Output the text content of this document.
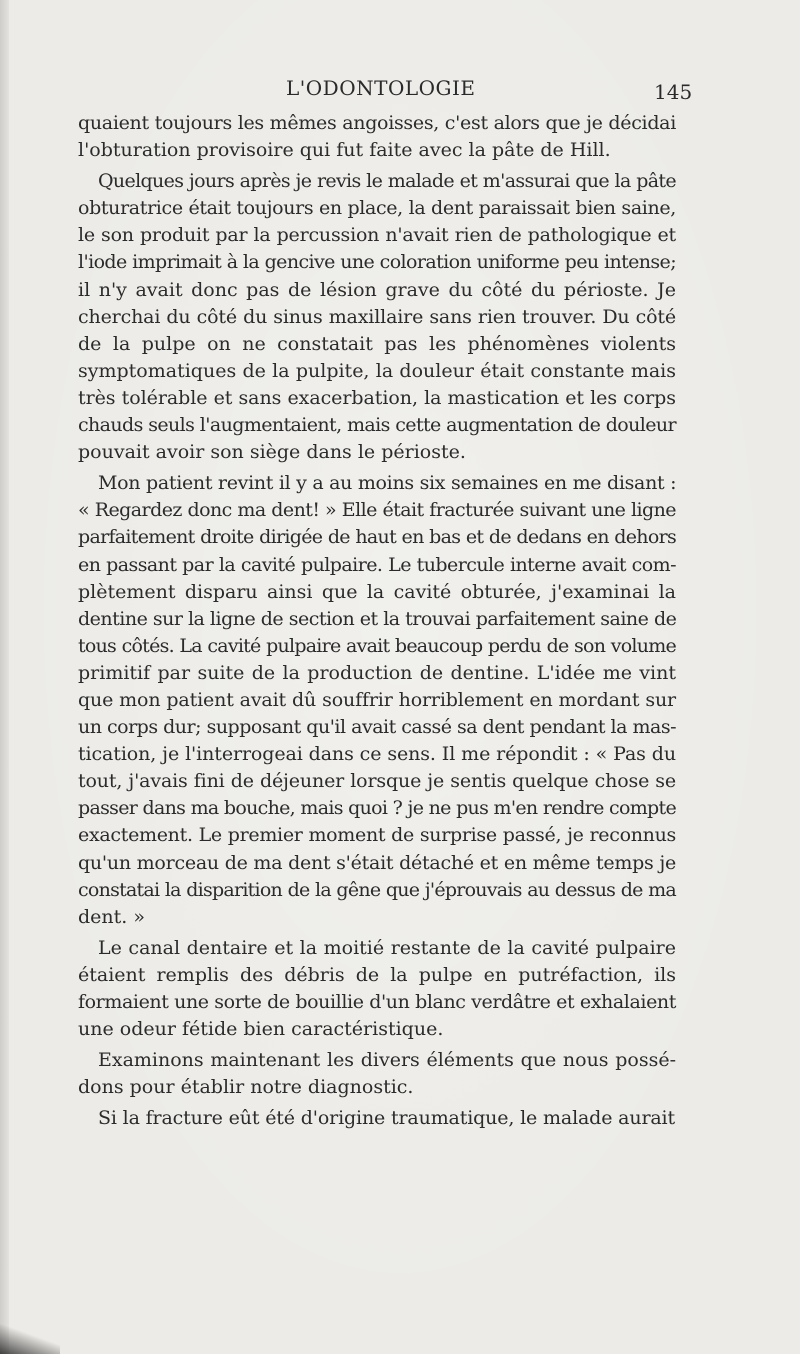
L'ODONTOLOGIE	145
quaient toujours les mêmes angoisses, c'est alors que je décidai
l'obturation provisoire qui fut faite avec la pâte de Hill.
Quelques jours après je revis le malade et m'assurai que la pâte
obturatrice était toujours en place, la dent paraissait bien saine,
le son produit par la percussion n'avait rien de pathologique et
l'iode imprimait à la gencive une coloration uniforme peu intense;
il n'y avait donc pas de lésion grave du côté du périoste. Je
cherchai du côté du sinus maxillaire sans rien trouver. Du côté
de la pulpe on ne constatait pas les phénomènes violents
symptomatiques de la pulpite, la douleur était constante mais
très tolérable et sans exacerbation, la mastication et les corps
chauds seuls l'augmentaient, mais cette augmentation de douleur
pouvait avoir son siège dans le périoste.
Mon patient revint il y a au moins six semaines en me disant :
« Regardez donc ma dent! » Elle était fracturée suivant une ligne
parfaitement droite dirigée de haut en bas et de dedans en dehors
en passant par la cavité pulpaire. Le tubercule interne avait com-
plètement disparu ainsi que la cavité obturée, j'examinai la
dentine sur la ligne de section et la trouvai parfaitement saine de
tous côtés. La cavité pulpaire avait beaucoup perdu de son volume
primitif par suite de la production de dentine. L'idée me vint
que mon patient avait dû souffrir horriblement en mordant sur
un corps dur; supposant qu'il avait cassé sa dent pendant la mas-
tication, je l'interrogeai dans ce sens. Il me répondit : « Pas du
tout, j'avais fini de déjeuner lorsque je sentis quelque chose se
passer dans ma bouche, mais quoi ? je ne pus m'en rendre compte
exactement. Le premier moment de surprise passé, je reconnus
qu'un morceau de ma dent s'était détaché et en même temps je
constatai la disparition de la gêne que j'éprouvais au dessus de ma
dent. »
Le canal dentaire et la moitié restante de la cavité pulpaire
étaient remplis des débris de la pulpe en putréfaction, ils
formaient une sorte de bouillie d'un blanc verdâtre et exhalaient
une odeur fétide bien caractéristique.
Examinons maintenant les divers éléments que nous possé-
dons pour établir notre diagnostic.
Si la fracture eût été d'origine traumatique, le malade aurait
